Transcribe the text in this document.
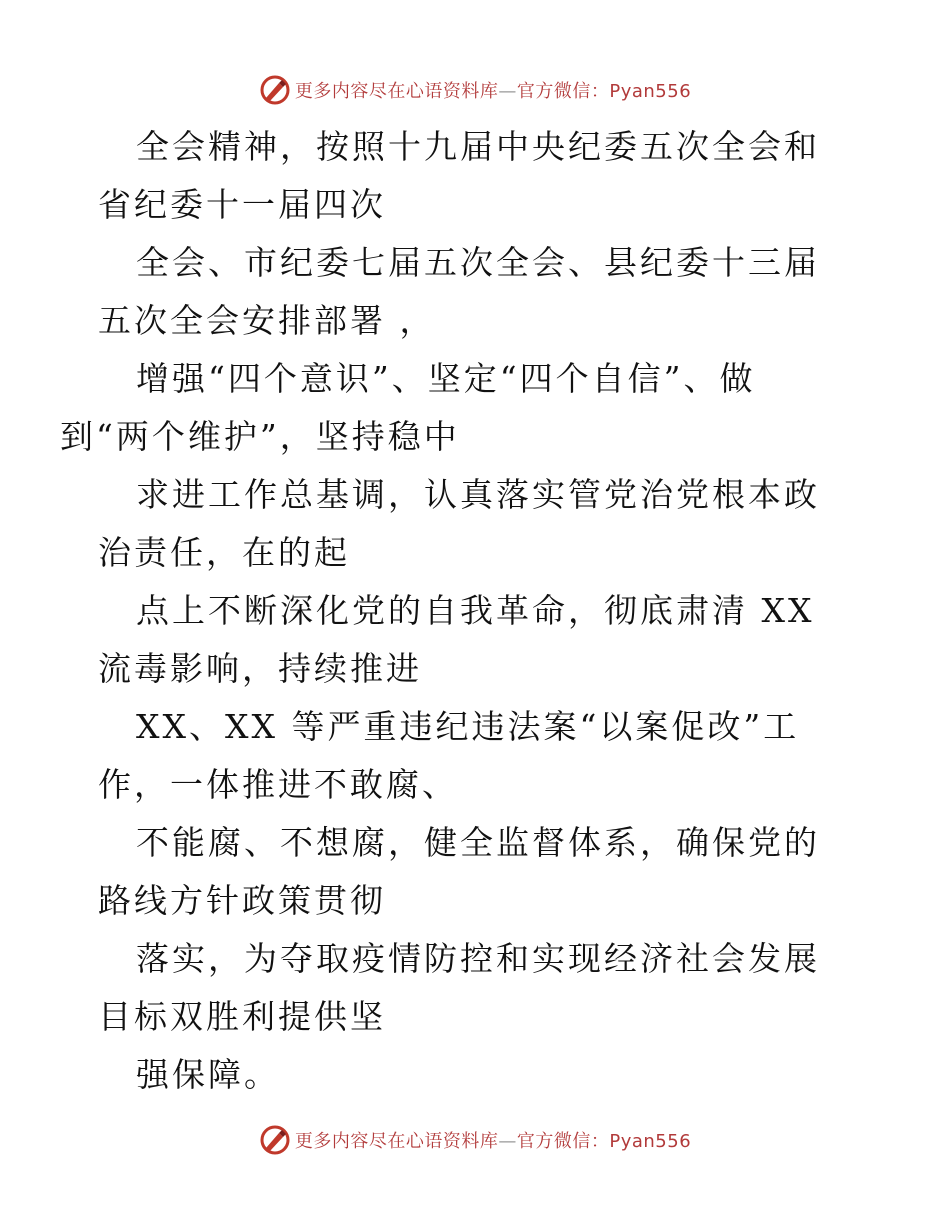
更多内容尽在心语资料库—官方微信：Pyan556

全会精神，按照十九届中央纪委五次全会和省纪委十一届四次

全会、市纪委七届五次全会、县纪委十三届五次全会安排部署 ，

增强“四个意识”、坚定“四个自信”、做
到“两个维护”，坚持稳中

求进工作总基调，认真落实管党治党根本政治责任，在的起

点上不断深化党的自我革命，彻底肃清 XX 流毒影响，持续推进

XX、XX 等严重违纪违法案“以案促改”工作，一体推进不敢腐、

不能腐、不想腐，健全监督体系，确保党的路线方针政策贯彻

落实，为夺取疫情防控和实现经济社会发展目标双胜利提供坚

强保障。

更多内容尽在心语资料库—官方微信：Pyan556
